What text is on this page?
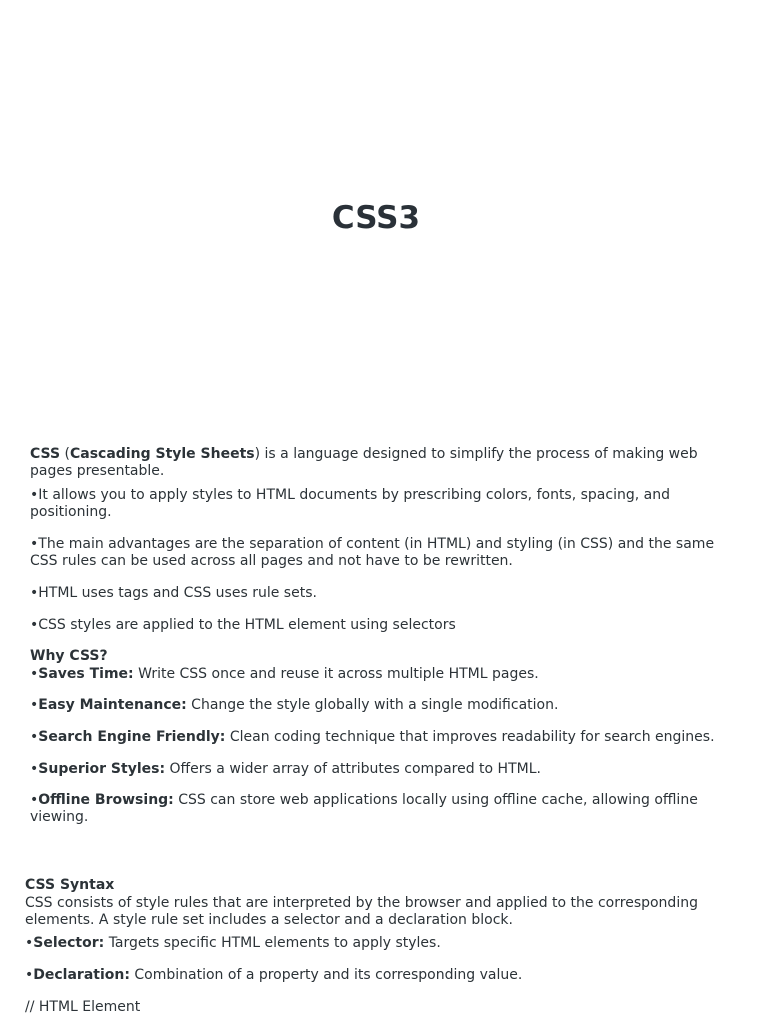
CSS3

CSS (Cascading Style Sheets) is a language designed to simplify the process of making web pages presentable.

•It allows you to apply styles to HTML documents by prescribing colors, fonts, spacing, and positioning.

•The main advantages are the separation of content (in HTML) and styling (in CSS) and the same CSS rules can be used across all pages and not have to be rewritten.

•HTML uses tags and CSS uses rule sets.

•CSS styles are applied to the HTML element using selectors

Why CSS?

•Saves Time: Write CSS once and reuse it across multiple HTML pages.

•Easy Maintenance: Change the style globally with a single modification.

•Search Engine Friendly: Clean coding technique that improves readability for search engines.

•Superior Styles: Offers a wider array of attributes compared to HTML.

•Offline Browsing: CSS can store web applications locally using offline cache, allowing offline viewing.

CSS Syntax

CSS consists of style rules that are interpreted by the browser and applied to the corresponding elements. A style rule set includes a selector and a declaration block.

•Selector: Targets specific HTML elements to apply styles.

•Declaration: Combination of a property and its corresponding value.

// HTML Element
